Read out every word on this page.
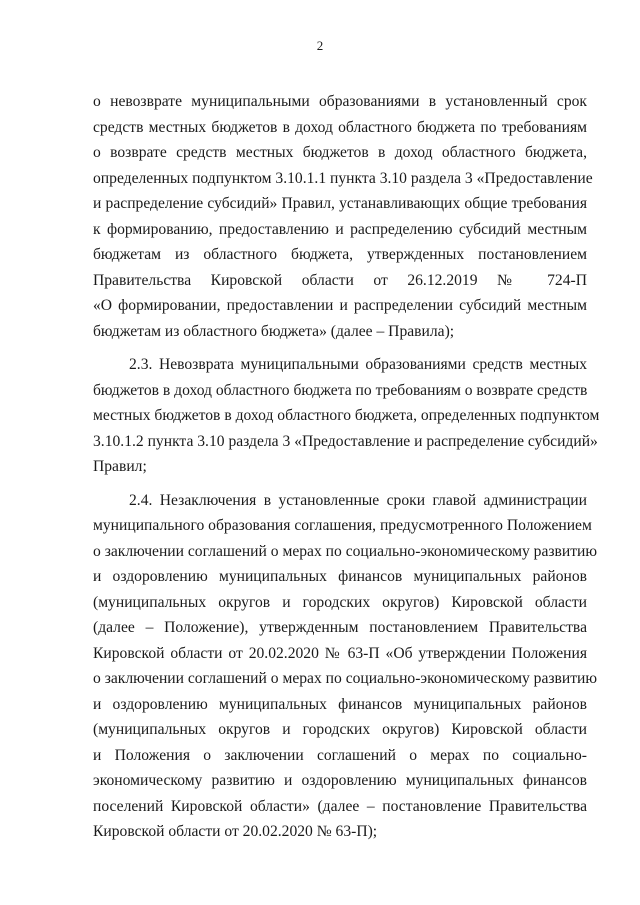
2
о невозврате муниципальными образованиями в установленный срок
средств местных бюджетов в доход областного бюджета по требованиям
о возврате средств местных бюджетов в доход областного бюджета,
определенных подпунктом 3.10.1.1 пункта 3.10 раздела 3 «Предоставление
и распределение субсидий» Правил, устанавливающих общие требования
к формированию, предоставлению и распределению субсидий местным
бюджетам из областного бюджета, утвержденных постановлением
Правительства Кировской области от 26.12.2019 № 724-П
«О формировании, предоставлении и распределении субсидий местным
бюджетам из областного бюджета» (далее – Правила);
2.3. Невозврата муниципальными образованиями средств местных
бюджетов в доход областного бюджета по требованиям о возврате средств
местных бюджетов в доход областного бюджета, определенных подпунктом
3.10.1.2 пункта 3.10 раздела 3 «Предоставление и распределение субсидий»
Правил;
2.4. Незаключения в установленные сроки главой администрации
муниципального образования соглашения, предусмотренного Положением
о заключении соглашений о мерах по социально-экономическому развитию
и оздоровлению муниципальных финансов муниципальных районов
(муниципальных округов и городских округов) Кировской области
(далее – Положение), утвержденным постановлением Правительства
Кировской области от 20.02.2020 № 63-П «Об утверждении Положения
о заключении соглашений о мерах по социально-экономическому развитию
и оздоровлению муниципальных финансов муниципальных районов
(муниципальных округов и городских округов) Кировской области
и Положения о заключении соглашений о мерах по социально-
экономическому развитию и оздоровлению муниципальных финансов
поселений Кировской области» (далее – постановление Правительства
Кировской области от 20.02.2020 № 63-П);
